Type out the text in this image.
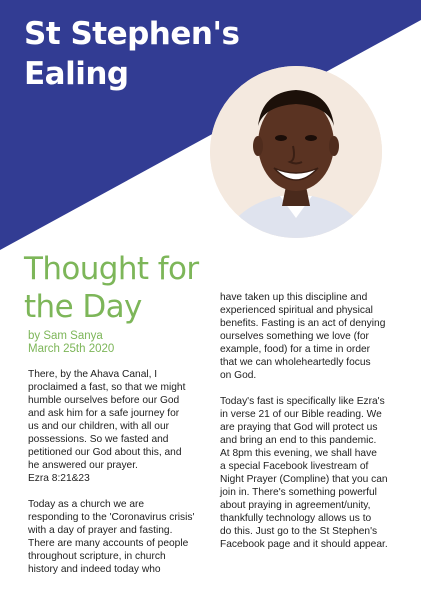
St Stephen's
Ealing
Thought for
the Day
by Sam Sanya
March 25th 2020

There, by the Ahava Canal, I
proclaimed a fast, so that we might
humble ourselves before our God
and ask him for a safe journey for
us and our children, with all our
possessions. So we fasted and
petitioned our God about this, and
he answered our prayer.
Ezra 8:21&23

Today as a church we are
responding to the 'Coronavirus crisis'
with a day of prayer and fasting.
There are many accounts of people
throughout scripture, in church
history and indeed today who

have taken up this discipline and
experienced spiritual and physical
benefits. Fasting is an act of denying
ourselves something we love (for
example, food) for a time in order
that we can wholeheartedly focus
on God.

Today's fast is specifically like Ezra's
in verse 21 of our Bible reading. We
are praying that God will protect us
and bring an end to this pandemic.
At 8pm this evening, we shall have
a special Facebook livestream of
Night Prayer (Compline) that you can
join in. There's something powerful
about praying in agreement/unity,
thankfully technology allows us to
do this. Just go to the St Stephen's
Facebook page and it should appear.
